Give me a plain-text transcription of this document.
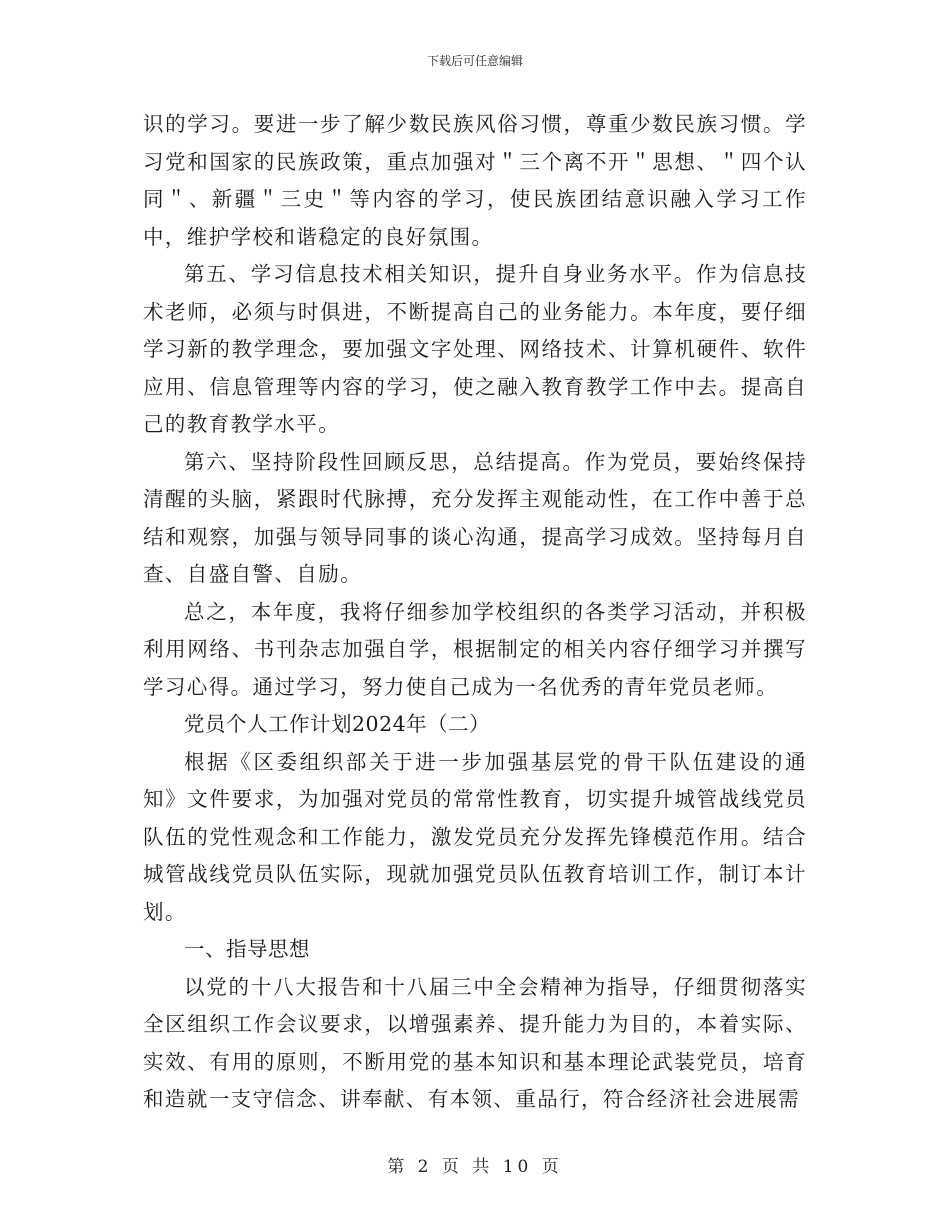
下载后可任意编辑

识的学习。要进一步了解少数民族风俗习惯，尊重少数民族习惯。学习党和国家的民族政策，重点加强对＂三个离不开＂思想、＂四个认同＂、新疆＂三史＂等内容的学习，使民族团结意识融入学习工作中，维护学校和谐稳定的良好氛围。

第五、学习信息技术相关知识，提升自身业务水平。作为信息技术老师，必须与时俱进，不断提高自己的业务能力。本年度，要仔细学习新的教学理念，要加强文字处理、网络技术、计算机硬件、软件应用、信息管理等内容的学习，使之融入教育教学工作中去。提高自己的教育教学水平。

第六、坚持阶段性回顾反思，总结提高。作为党员，要始终保持清醒的头脑，紧跟时代脉搏，充分发挥主观能动性，在工作中善于总结和观察，加强与领导同事的谈心沟通，提高学习成效。坚持每月自查、自盛自警、自励。

总之，本年度，我将仔细参加学校组织的各类学习活动，并积极利用网络、书刊杂志加强自学，根据制定的相关内容仔细学习并撰写学习心得。通过学习，努力使自己成为一名优秀的青年党员老师。

党员个人工作计划2024年（二）

根据《区委组织部关于进一步加强基层党的骨干队伍建设的通知》文件要求，为加强对党员的常常性教育，切实提升城管战线党员队伍的党性观念和工作能力，激发党员充分发挥先锋模范作用。结合城管战线党员队伍实际，现就加强党员队伍教育培训工作，制订本计划。

一、指导思想

以党的十八大报告和十八届三中全会精神为指导，仔细贯彻落实全区组织工作会议要求，以增强素养、提升能力为目的，本着实际、实效、有用的原则，不断用党的基本知识和基本理论武装党员，培育和造就一支守信念、讲奉献、有本领、重品行，符合经济社会进展需

第 2 页 共 10 页
